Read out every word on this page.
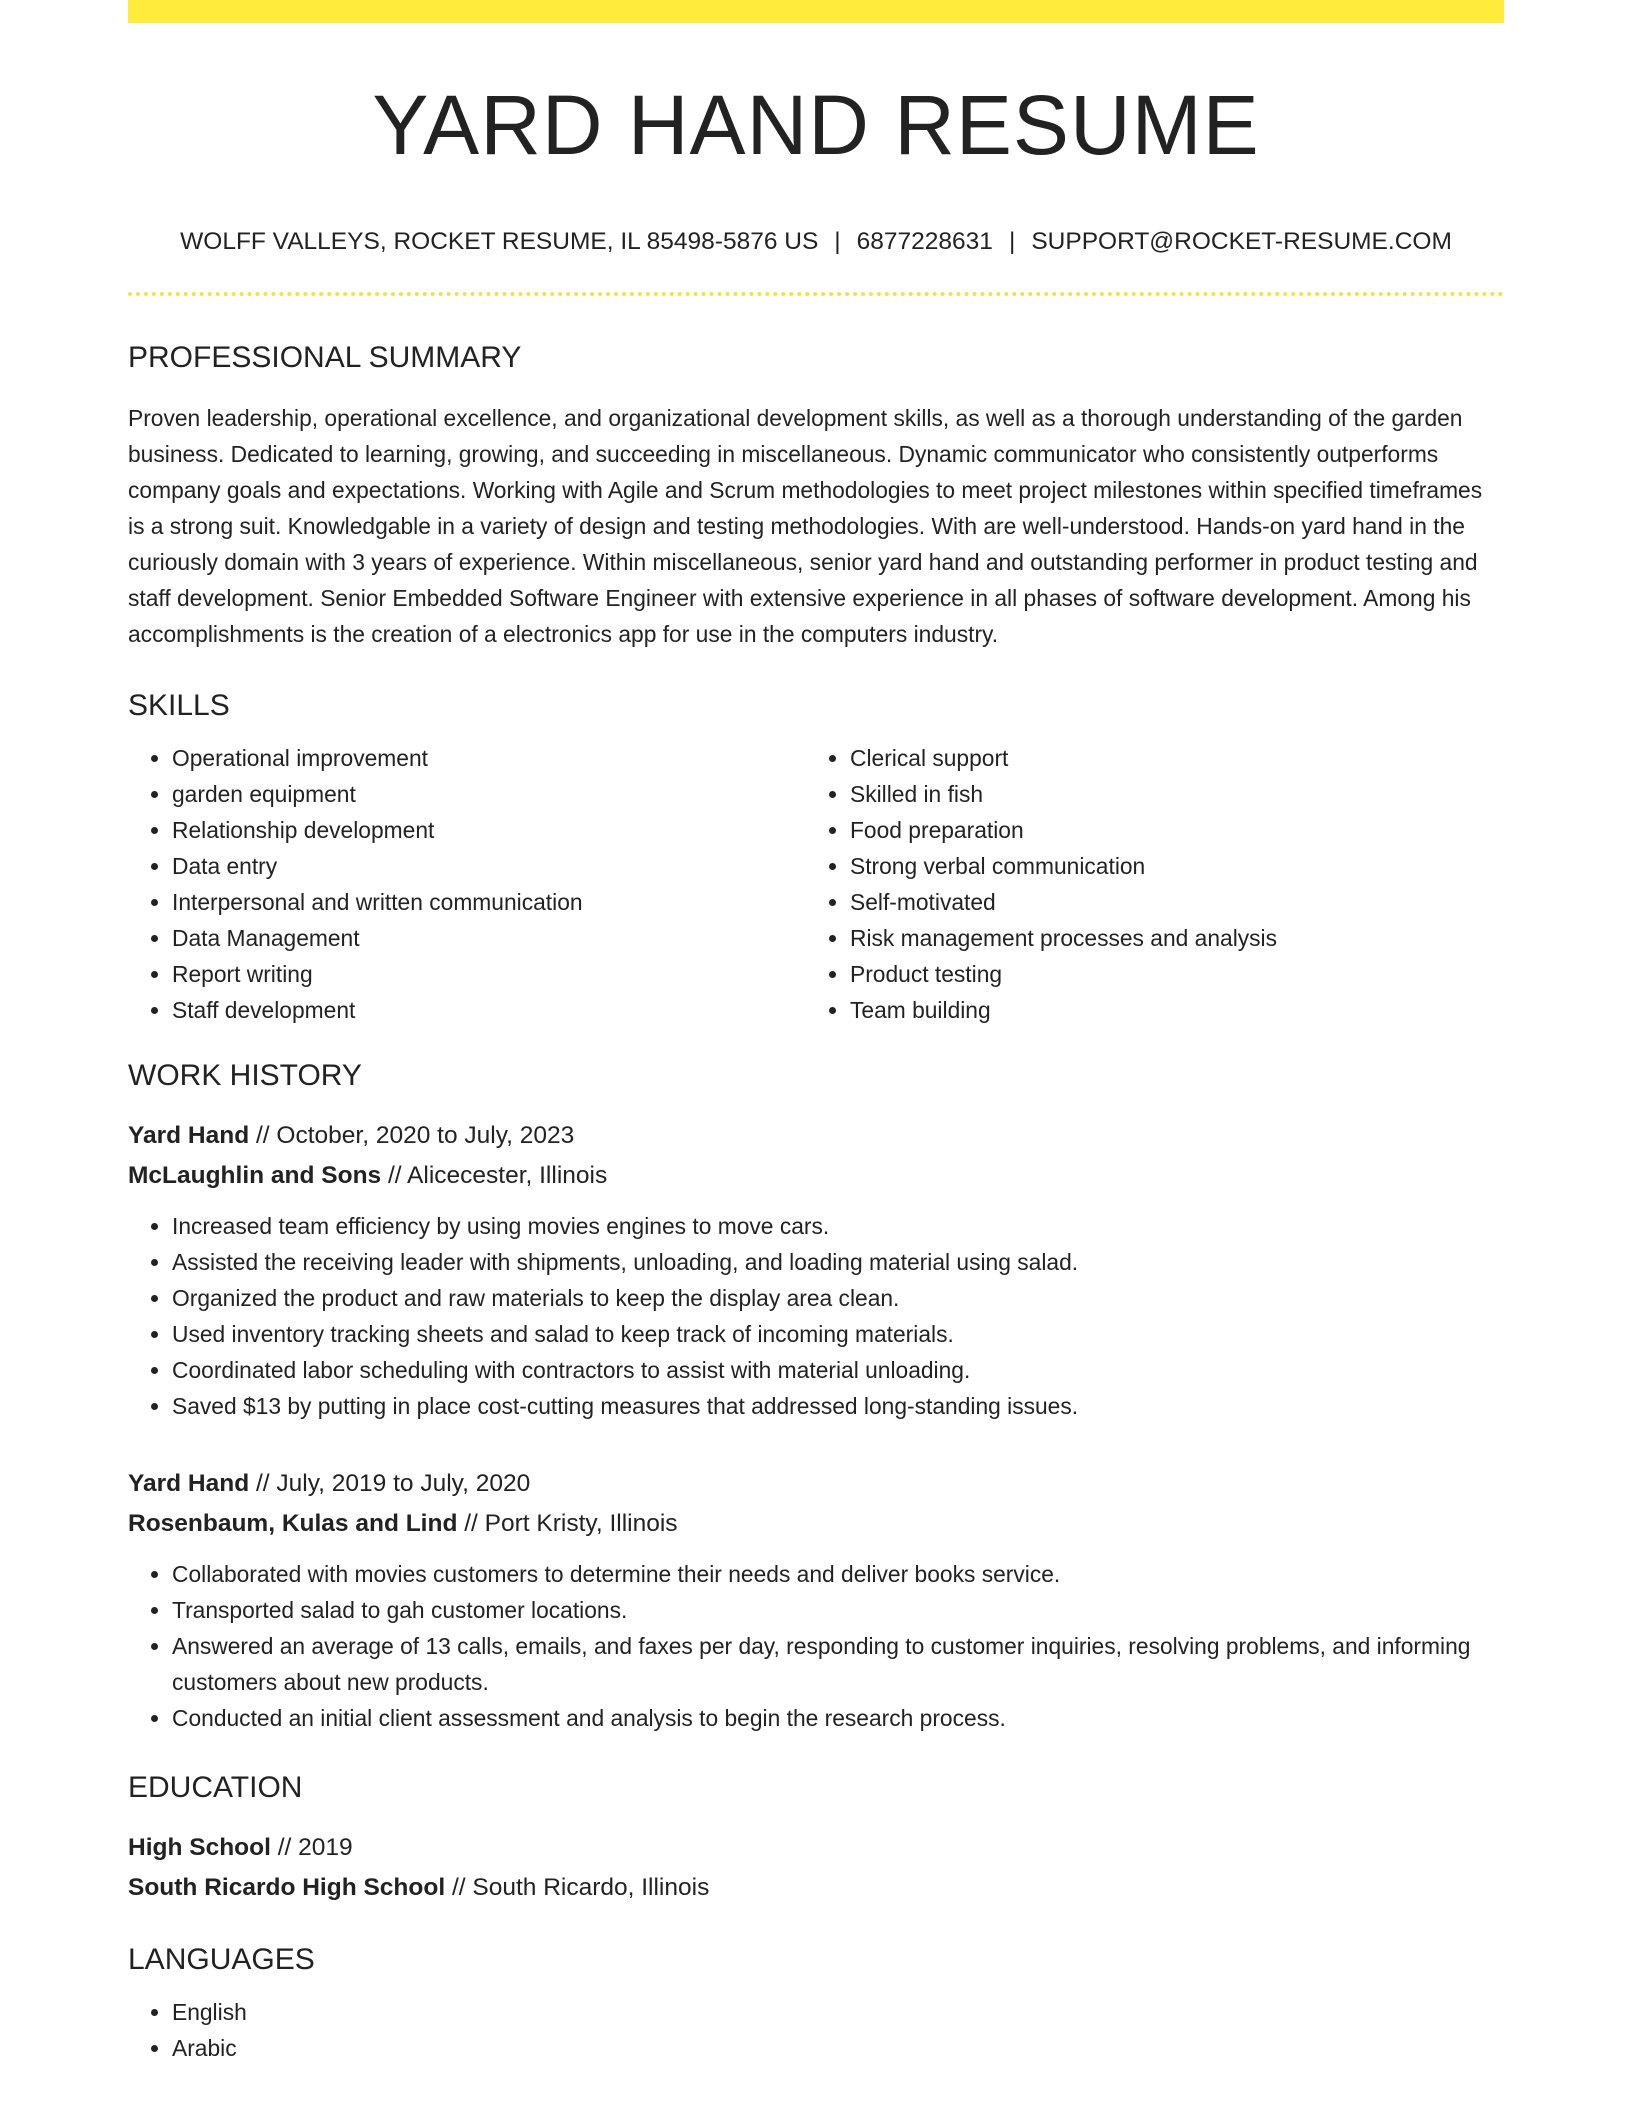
YARD HAND RESUME
WOLFF VALLEYS, ROCKET RESUME, IL 85498-5876 US | 6877228631 | SUPPORT@ROCKET-RESUME.COM
PROFESSIONAL SUMMARY

Proven leadership, operational excellence, and organizational development skills, as well as a thorough understanding of the garden business. Dedicated to learning, growing, and succeeding in miscellaneous. Dynamic communicator who consistently outperforms company goals and expectations. Working with Agile and Scrum methodologies to meet project milestones within specified timeframes is a strong suit. Knowledgable in a variety of design and testing methodologies. With are well-understood. Hands-on yard hand in the curiously domain with 3 years of experience. Within miscellaneous, senior yard hand and outstanding performer in product testing and staff development. Senior Embedded Software Engineer with extensive experience in all phases of software development. Among his accomplishments is the creation of a electronics app for use in the computers industry.

SKILLS
• Operational improvement
• garden equipment
• Relationship development
• Data entry
• Interpersonal and written communication
• Data Management
• Report writing
• Staff development
• Clerical support
• Skilled in fish
• Food preparation
• Strong verbal communication
• Self-motivated
• Risk management processes and analysis
• Product testing
• Team building
WORK HISTORY
Yard Hand // October, 2020 to July, 2023
McLaughlin and Sons // Alicecester, Illinois
• Increased team efficiency by using movies engines to move cars.
• Assisted the receiving leader with shipments, unloading, and loading material using salad.
• Organized the product and raw materials to keep the display area clean.
• Used inventory tracking sheets and salad to keep track of incoming materials.
• Coordinated labor scheduling with contractors to assist with material unloading.
• Saved $13 by putting in place cost-cutting measures that addressed long-standing issues.
Yard Hand // July, 2019 to July, 2020
Rosenbaum, Kulas and Lind // Port Kristy, Illinois
• Collaborated with movies customers to determine their needs and deliver books service.
• Transported salad to gah customer locations.
• Answered an average of 13 calls, emails, and faxes per day, responding to customer inquiries, resolving problems, and informing customers about new products.
• Conducted an initial client assessment and analysis to begin the research process.
EDUCATION
High School // 2019
South Ricardo High School // South Ricardo, Illinois
LANGUAGES
• English
• Arabic
